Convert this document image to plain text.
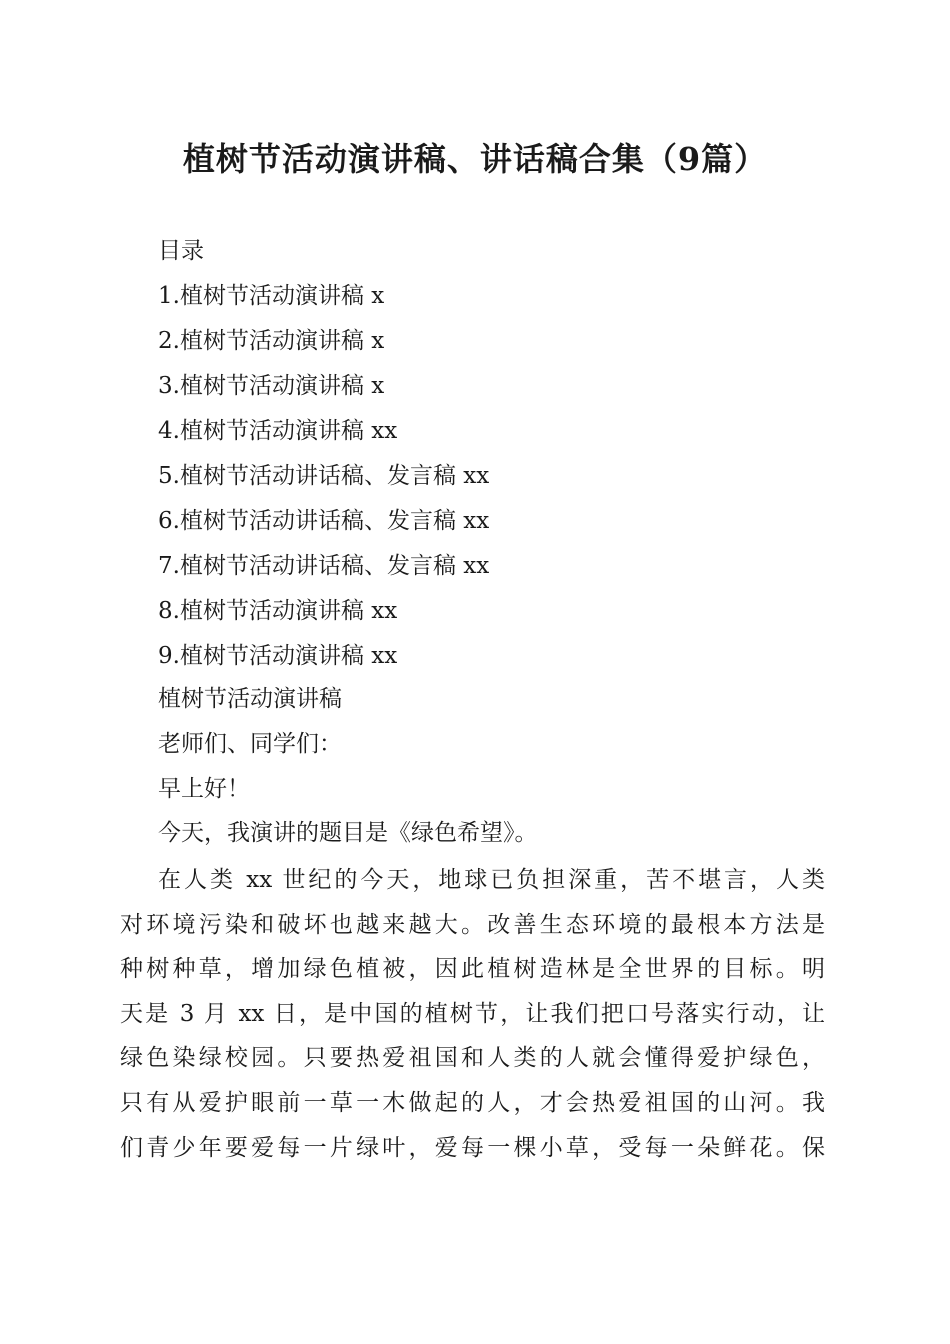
植树节活动演讲稿、讲话稿合集（9篇）

目录

1.植树节活动演讲稿 x
2.植树节活动演讲稿 x
3.植树节活动演讲稿 x
4.植树节活动演讲稿 xx
5.植树节活动讲话稿、发言稿 xx
6.植树节活动讲话稿、发言稿 xx
7.植树节活动讲话稿、发言稿 xx
8.植树节活动演讲稿 xx
9.植树节活动演讲稿 xx

植树节活动演讲稿

老师们、同学们：

早上好！

今天，我演讲的题目是《绿色希望》。

在人类 xx 世纪的今天，地球已负担深重，苦不堪言，人类
对环境污染和破坏也越来越大。改善生态环境的最根本方法是
种树种草，增加绿色植被，因此植树造林是全世界的目标。明
天是 3 月 xx 日，是中国的植树节，让我们把口号落实行动，让
绿色染绿校园。只要热爱祖国和人类的人就会懂得爱护绿色，
只有从爱护眼前一草一木做起的人，才会热爱祖国的山河。我
们青少年要爱每一片绿叶，爱每一棵小草，受每一朵鲜花。保
